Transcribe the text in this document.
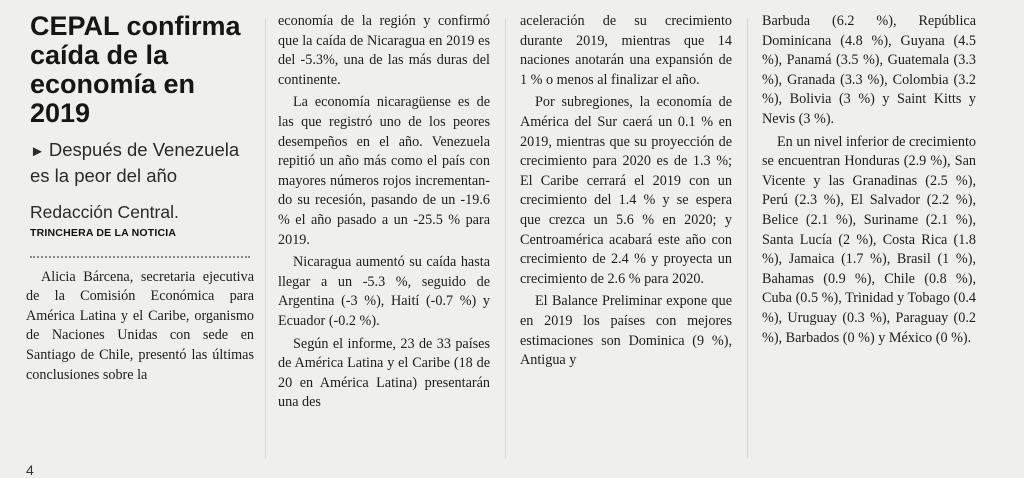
CEPAL confirma caída de la economía en 2019
► Después de Venezuela es la peor del año
Redacción Central.
TRINCHERA DE LA NOTICIA

Alicia Bárcena, secretaria ejecutiva de la Comisión Económica para América Latina y el Caribe, organismo de Naciones Unidas con sede en Santiago de Chile, presentó las últimas conclusiones sobre la

economía de la región y confirmó que la caída de Nicaragua en 2019 es del -5.3%, una de las más duras del continente.

La economía nicaragüense es de las que registró uno de los peores desempeños en el año. Venezuela repitió un año más como el país con mayores números rojos incrementando su recesión, pasando de un -19.6 % el año pasado a un -25.5 % para 2019.

Nicaragua aumentó su caída hasta llegar a un -5.3 %, seguido de Argentina (-3 %), Haití (-0.7 %) y Ecuador (-0.2 %).

Según el informe, 23 de 33 países de América Latina y el Caribe (18 de 20 en América Latina) presentarán una des

aceleración de su crecimiento durante 2019, mientras que 14 naciones anotarán una expansión de 1 % o menos al finalizar el año.

Por subregiones, la economía de América del Sur caerá un 0.1 % en 2019, mientras que su proyección de crecimiento para 2020 es de 1.3 %; El Caribe cerrará el 2019 con un crecimiento del 1.4 % y se espera que crezca un 5.6 % en 2020; y Centroamérica acabará este año con crecimiento de 2.4 % y proyecta un crecimiento de 2.6 % para 2020.

El Balance Preliminar expone que en 2019 los países con mejores estimaciones son Dominica (9 %), Antigua y

Barbuda (6.2 %), República Dominicana (4.8 %), Guyana (4.5 %), Panamá (3.5 %), Guatemala (3.3 %), Granada (3.3 %), Colombia (3.2 %), Bolivia (3 %) y Saint Kitts y Nevis (3 %).

En un nivel inferior de crecimiento se encuentran Honduras (2.9 %), San Vicente y las Granadinas (2.5 %), Perú (2.3 %), El Salvador (2.2 %), Belice (2.1 %), Suriname (2.1 %), Santa Lucía (2 %), Costa Rica (1.8 %), Jamaica (1.7 %), Brasil (1 %), Bahamas (0.9 %), Chile (0.8 %), Cuba (0.5 %), Trinidad y Tobago (0.4 %), Uruguay (0.3 %), Paraguay (0.2 %), Barbados (0 %) y México (0 %).

4
